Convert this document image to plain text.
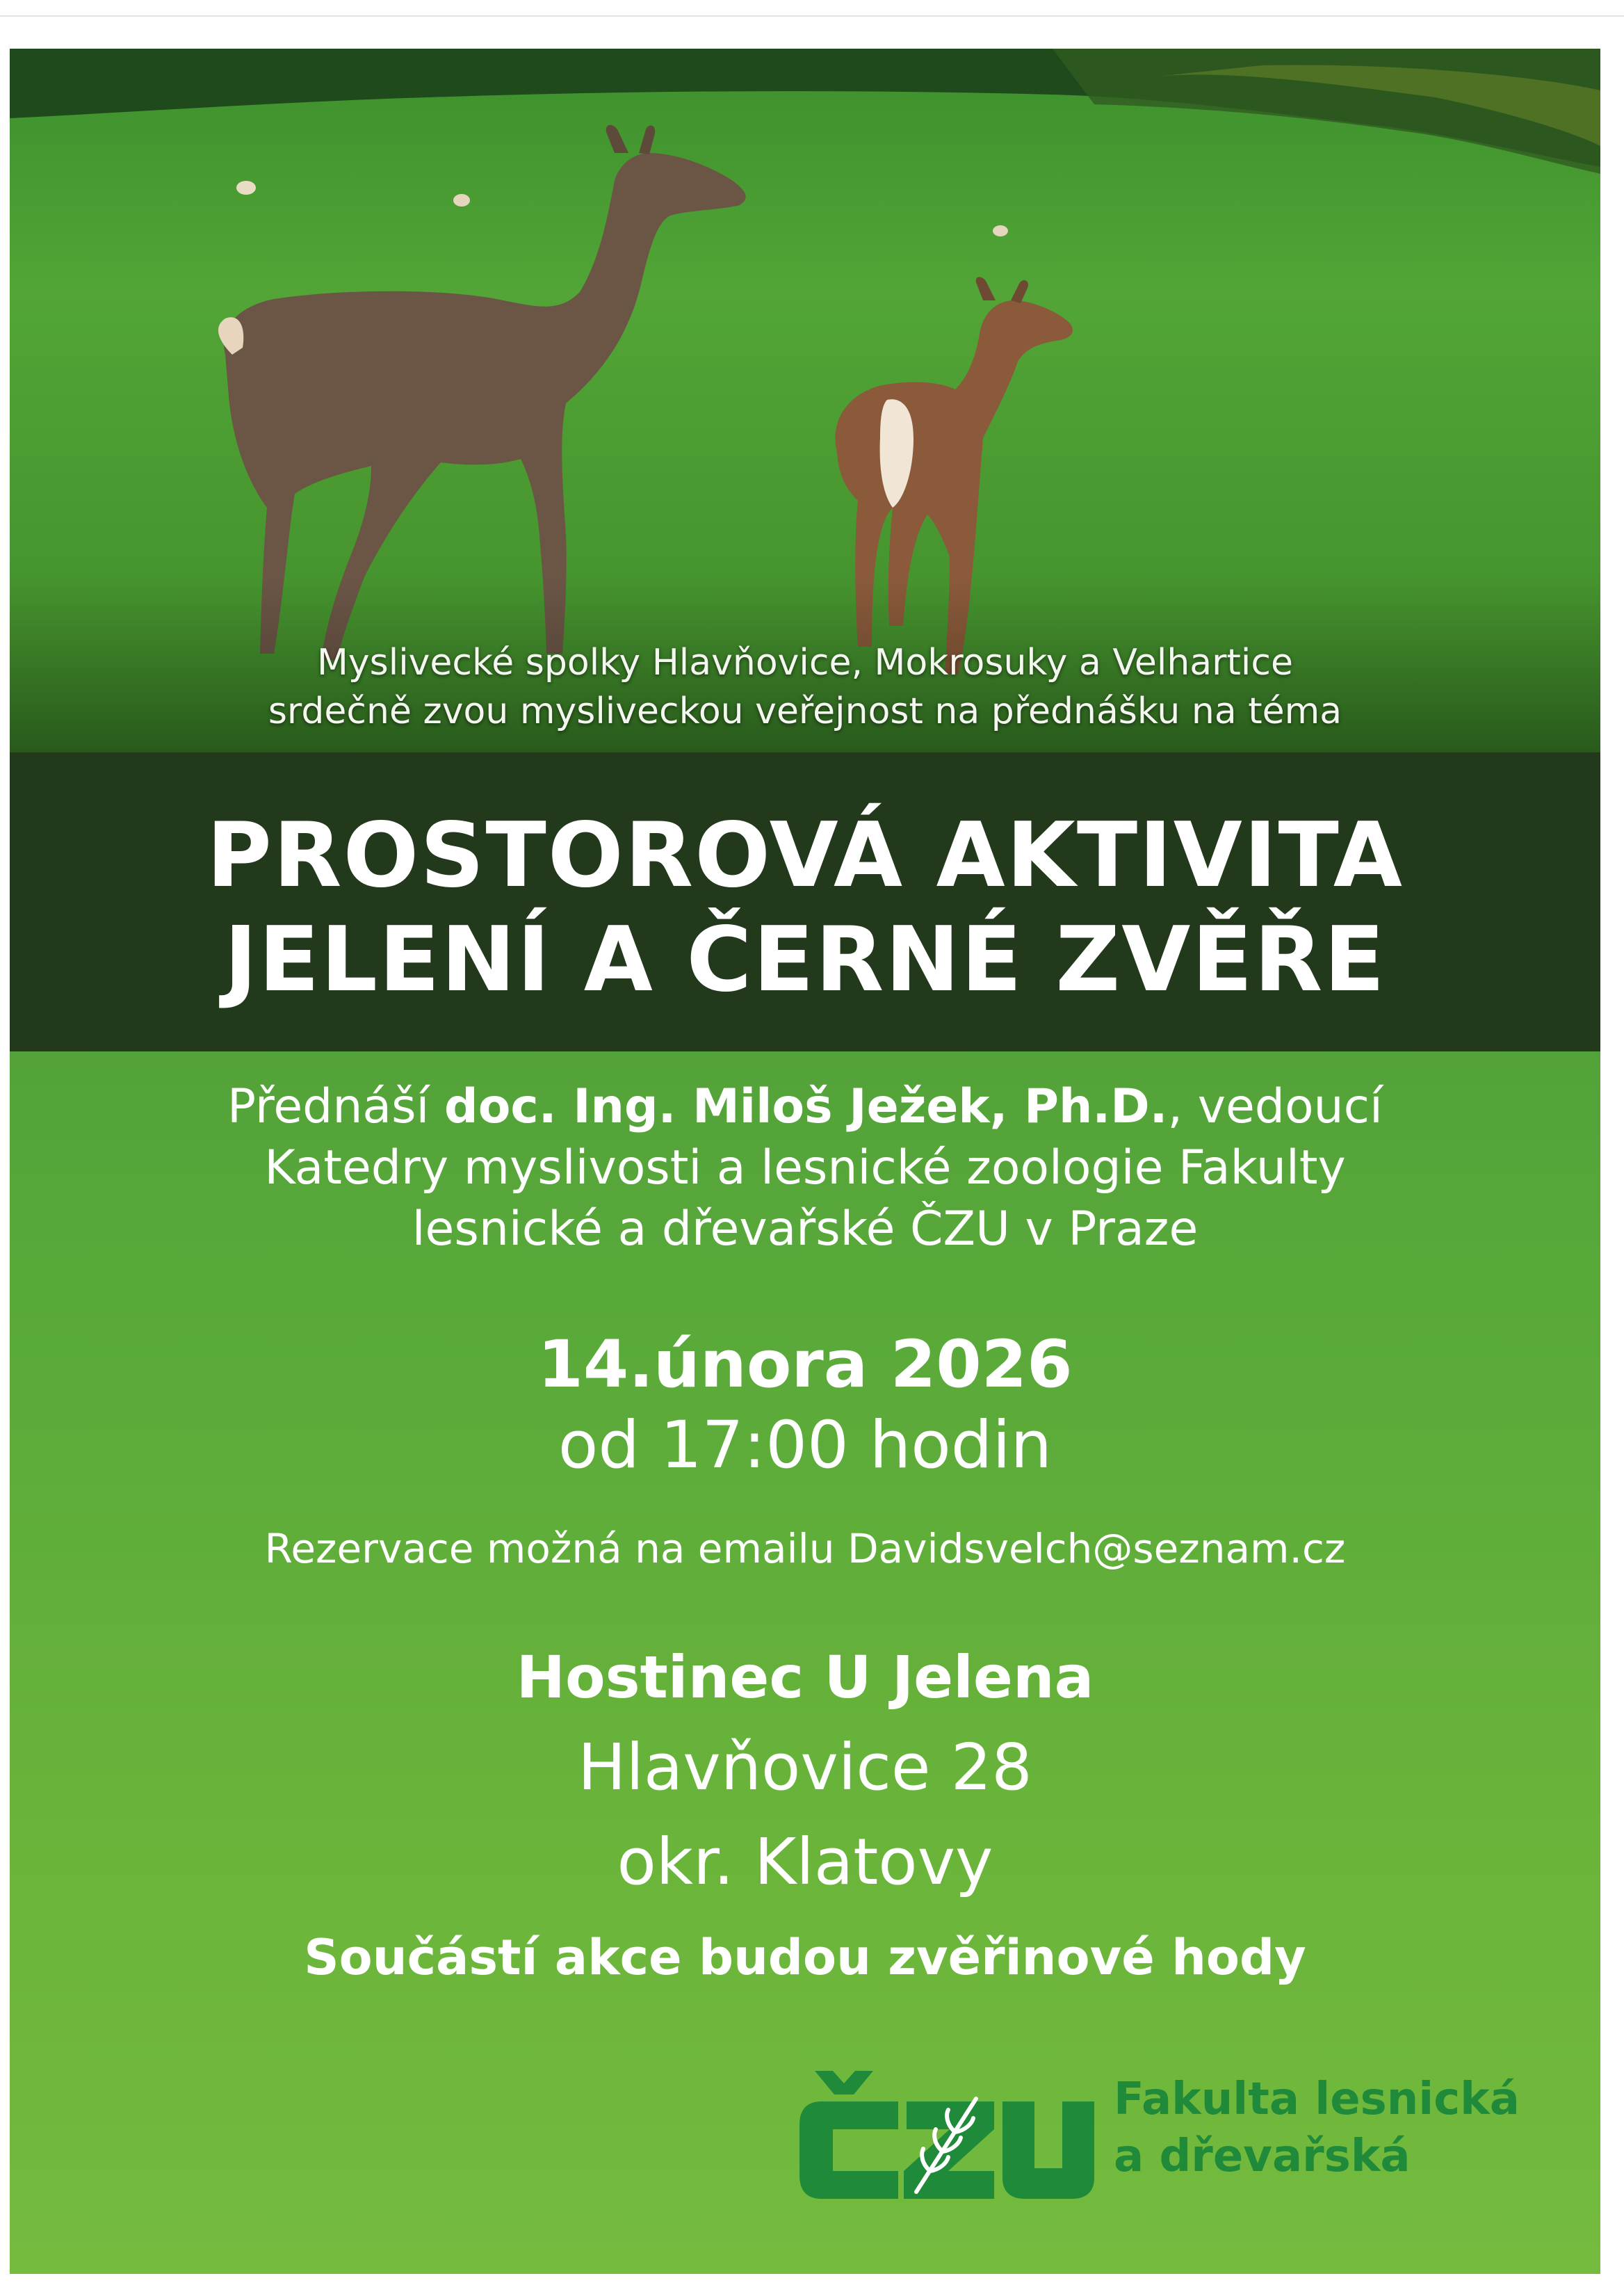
Myslivecké spolky Hlavňovice, Mokrosuky a Velhartice
srdečně zvou mysliveckou veřejnost na přednášku na téma
PROSTOROVÁ AKTIVITA
JELENÍ A ČERNÉ ZVĚŘE
Přednáší doc. Ing. Miloš Ježek, Ph.D., vedoucí
Katedry myslivosti a lesnické zoologie Fakulty
lesnické a dřevařské ČZU v Praze
14.února 2026
od 17:00 hodin
Rezervace možná na emailu Davidsvelch@seznam.cz
Hostinec U Jelena
Hlavňovice 28
okr. Klatovy
Součástí akce budou zvěřinové hody
Fakulta lesnická
a dřevařská
